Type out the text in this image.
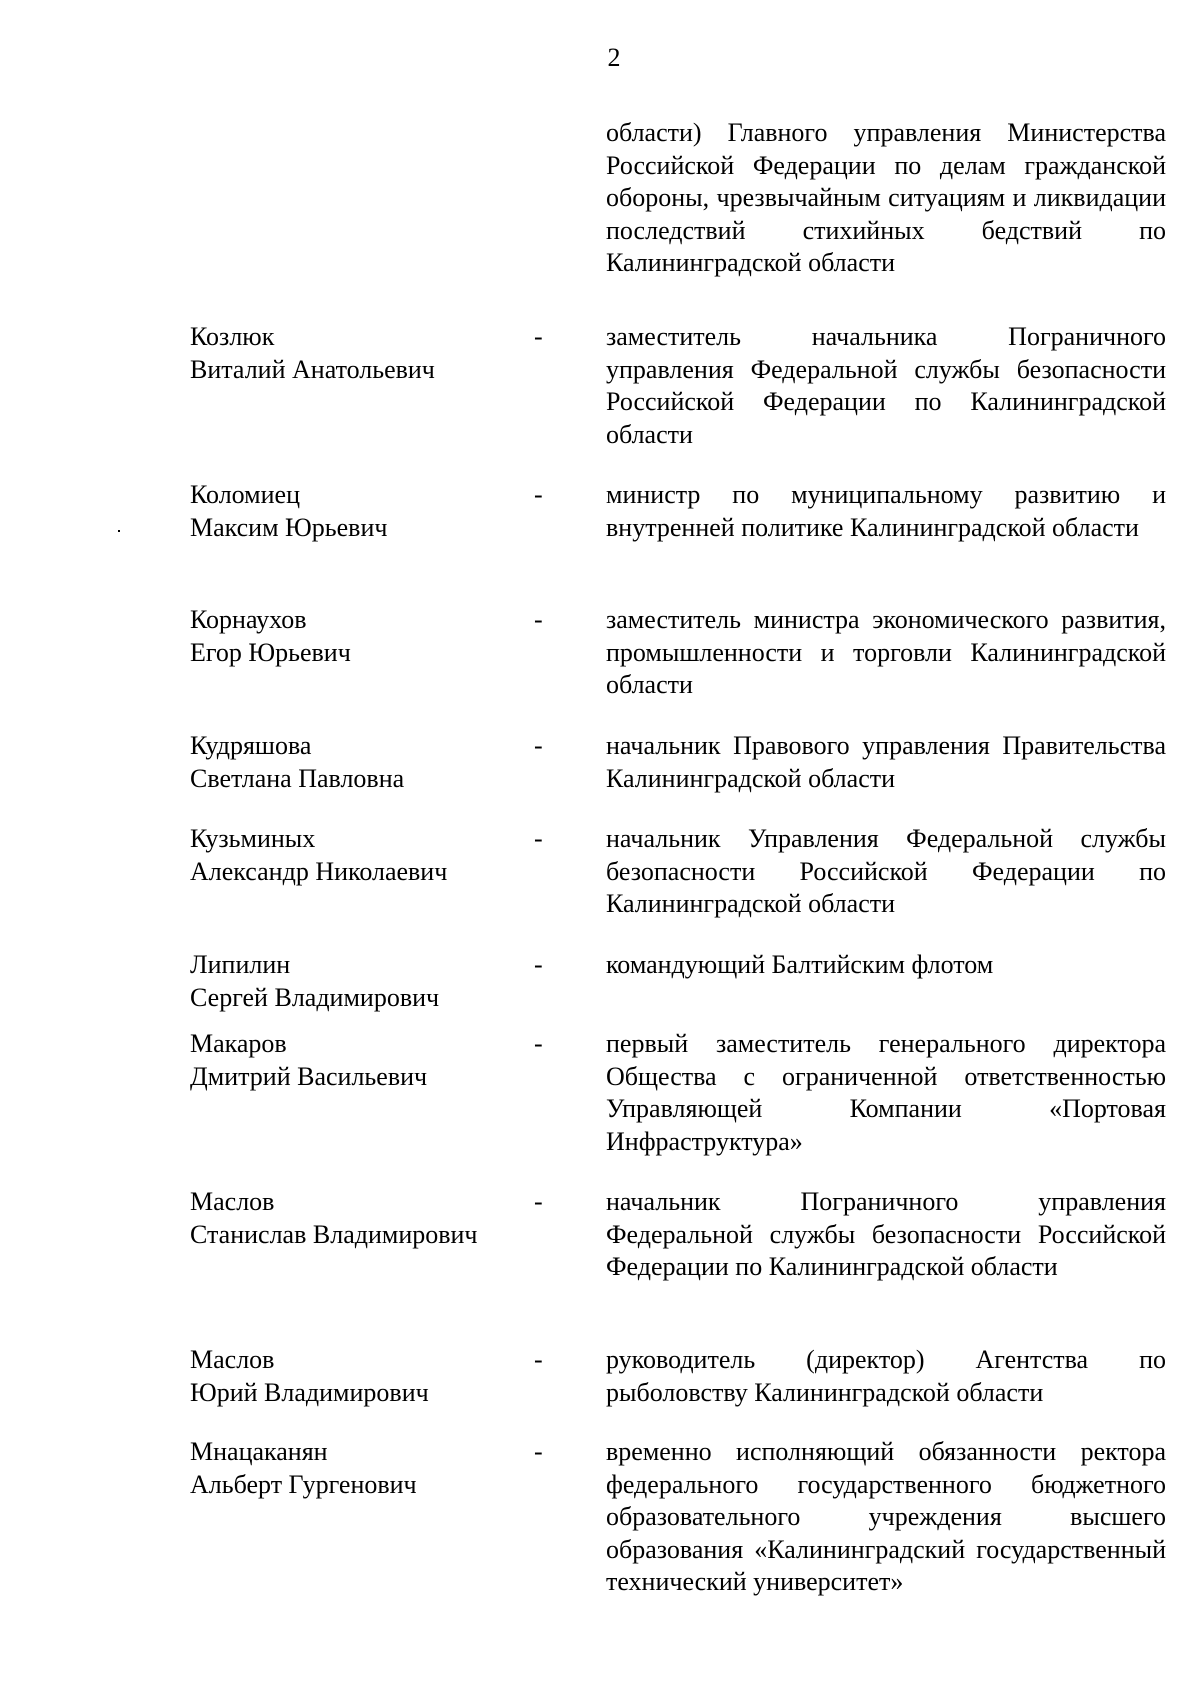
2
области) Главного управления Министерства Российской Федерации по делам гражданской обороны, чрезвычайным ситуациям и ликвидации последствий стихийных бедствий по Калининградской области
Козлюк
Виталий Анатольевич
- заместитель начальника Пограничного управления Федеральной службы безопасности Российской Федерации по Калининградской области
Коломиец
Максим Юрьевич
- министр по муниципальному развитию и внутренней политике Калининградской области
Корнаухов
Егор Юрьевич
- заместитель министра экономического развития, промышленности и торговли Калининградской области
Кудряшова
Светлана Павловна
- начальник Правового управления Правительства Калининградской области
Кузьминых
Александр Николаевич
- начальник Управления Федеральной службы безопасности Российской Федерации по Калининградской области
Липилин
Сергей Владимирович
- командующий Балтийским флотом
Макаров
Дмитрий Васильевич
- первый заместитель генерального директора Общества с ограниченной ответственностью Управляющей Компании «Портовая Инфраструктура»
Маслов
Станислав Владимирович
- начальник Пограничного управления Федеральной службы безопасности Российской Федерации по Калининградской области
Маслов
Юрий Владимирович
- руководитель (директор) Агентства по рыболовству Калининградской области
Мнацаканян
Альберт Гургенович
- временно исполняющий обязанности ректора федерального государственного бюджетного образовательного учреждения высшего образования «Калининградский государственный технический университет»
